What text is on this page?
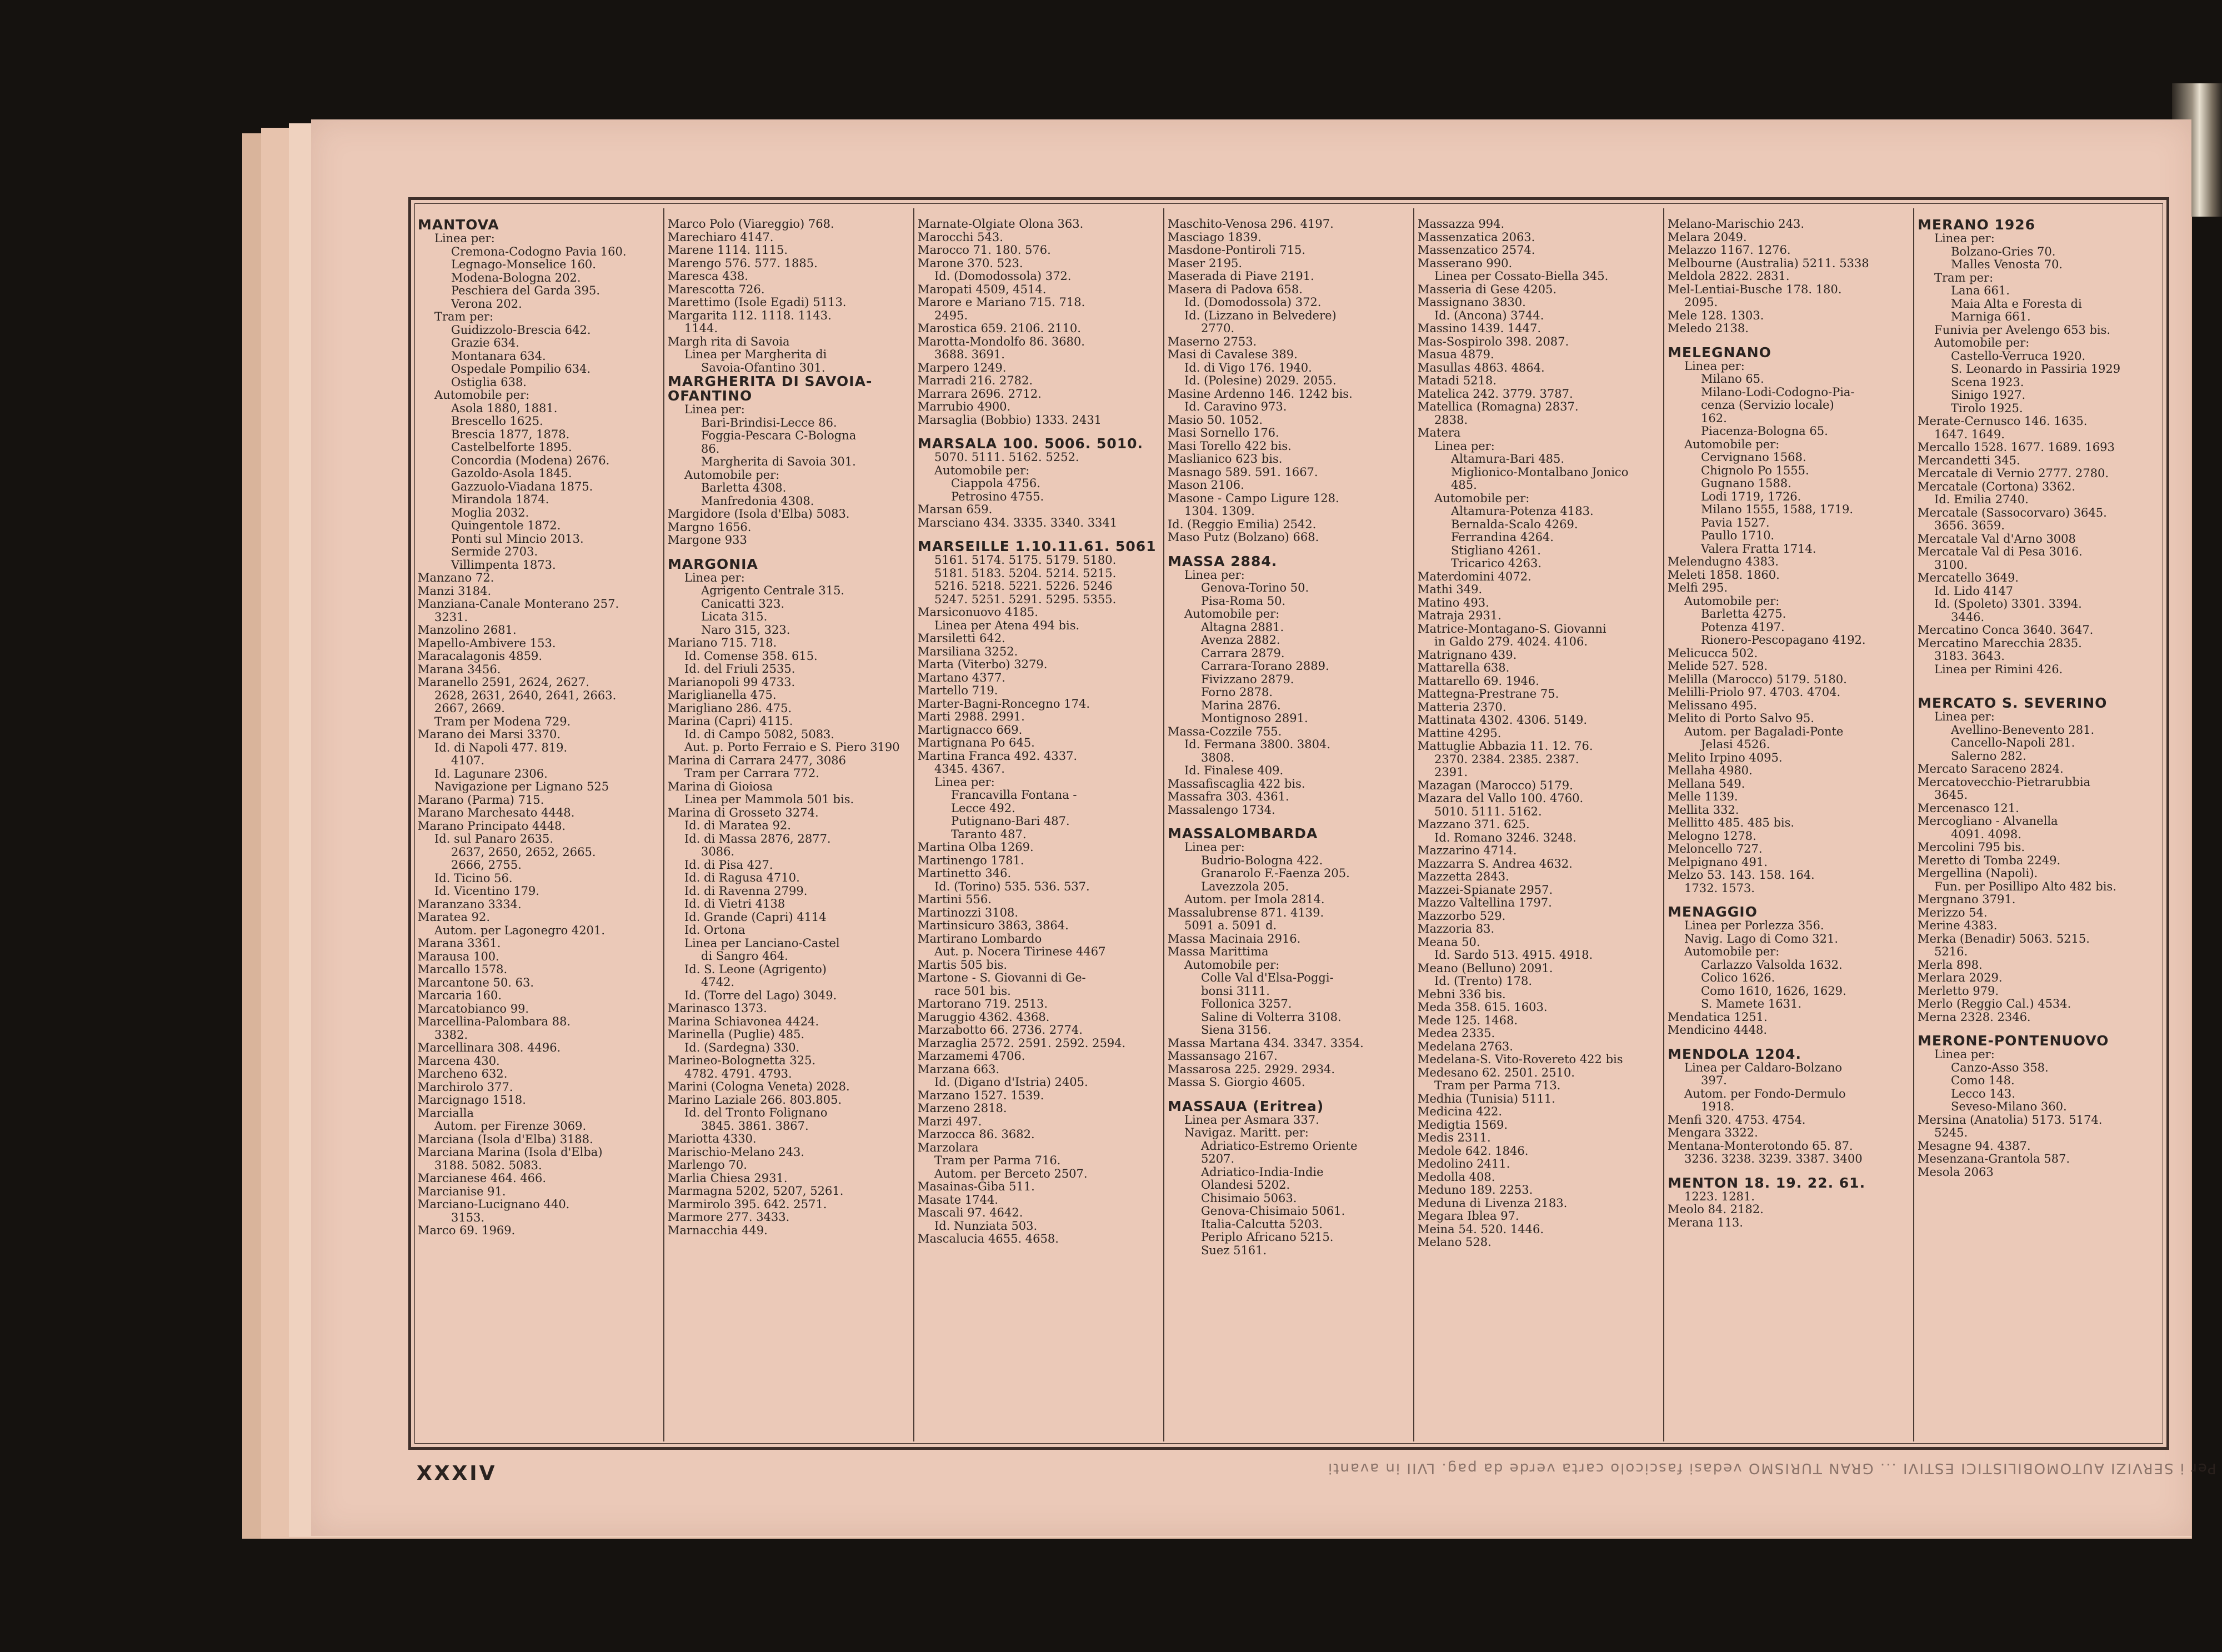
MANTOVA
Linea per:
Cremona-Codogno Pavia 160.
Legnago-Monselice 160.
Modena-Bologna 202.
Peschiera del Garda 395.
Verona 202.
Tram per:
Guidizzolo-Brescia 642.
Grazie 634.
Montanara 634.
Ospedale Pompilio 634.
Ostiglia 638.
Automobile per:
Asola 1880, 1881.
Brescello 1625.
Brescia 1877, 1878.
Castelbelforte 1895.
Concordia (Modena) 2676.
Gazoldo-Asola 1845.
Gazzuolo-Viadana 1875.
Mirandola 1874.
Moglia 2032.
Quingentole 1872.
Ponti sul Mincio 2013.
Sermide 2703.
Villimpenta 1873.
Manzano 72.
Manzi 3184.
Manziana-Canale Monterano 257.
3231.
Manzolino 2681.
Mapello-Ambivere 153.
Maracalagonis 4859.
Marana 3456.
Maranello 2591, 2624, 2627.
2628, 2631, 2640, 2641, 2663.
2667, 2669.
Tram per Modena 729.
Marano dei Marsi 3370.
Id. di Napoli 477. 819.
4107.
Id. Lagunare 2306.
Navigazione per Lignano 525
Marano (Parma) 715.
Marano Marchesato 4448.
Marano Principato 4448.
Id. sul Panaro 2635.
2637, 2650, 2652, 2665.
2666, 2755.
Id. Ticino 56.
Id. Vicentino 179.
Maranzano 3334.
Maratea 92.
Autom. per Lagonegro 4201.
Marana 3361.
Marausa 100.
Marcallo 1578.
Marcantone 50. 63.
Marcaria 160.
Marcatobianco 99.
Marcellina-Palombara 88.
3382.
Marcellinara 308. 4496.
Marcena 430.
Marcheno 632.
Marchirolo 377.
Marcignago 1518.
Marcialla
Autom. per Firenze 3069.
Marciana (Isola d'Elba) 3188.
Marciana Marina (Isola d'Elba)
3188. 5082. 5083.
Marcianese 464. 466.
Marcianise 91.
Marciano-Lucignano 440.
3153.
Marco 69. 1969.
Marco Polo (Viareggio) 768.
Marechiaro 4147.
Marene 1114. 1115.
Marengo 576. 577. 1885.
Maresca 438.
Marescotta 726.
Marettimo (Isole Egadi) 5113.
Margarita 112. 1118. 1143.
1144.
Margh rita di Savoia
Linea per Margherita di
Savoia-Ofantino 301.
MARGHERITA DI SAVOIA-
OFANTINO
Linea per:
Bari-Brindisi-Lecce 86.
Foggia-Pescara C-Bologna
86.
Margherita di Savoia 301.
Automobile per:
Barletta 4308.
Manfredonia 4308.
Margidore (Isola d'Elba) 5083.
Margno 1656.
Margone 933
MARGONIA
Linea per:
Agrigento Centrale 315.
Canicatti 323.
Licata 315.
Naro 315, 323.
Mariano 715. 718.
Id. Comense 358. 615.
Id. del Friuli 2535.
Marianopoli 99 4733.
Mariglianella 475.
Marigliano 286. 475.
Marina (Capri) 4115.
Id. di Campo 5082, 5083.
Aut. p. Porto Ferraio e S. Piero 3190
Marina di Carrara 2477, 3086
Tram per Carrara 772.
Marina di Gioiosa
Linea per Mammola 501 bis.
Marina di Grosseto 3274.
Id. di Maratea 92.
Id. di Massa 2876, 2877.
3086.
Id. di Pisa 427.
Id. di Ragusa 4710.
Id. di Ravenna 2799.
Id. di Vietri 4138
Id. Grande (Capri) 4114
Id. Ortona
Linea per Lanciano-Castel
di Sangro 464.
Id. S. Leone (Agrigento)
4742.
Id. (Torre del Lago) 3049.
Marinasco 1373.
Marina Schiavonea 4424.
Marinella (Puglie) 485.
Id. (Sardegna) 330.
Marineo-Bolognetta 325.
4782. 4791. 4793.
Marini (Cologna Veneta) 2028.
Marino Laziale 266. 803.805.
Id. del Tronto Folignano
3845. 3861. 3867.
Mariotta 4330.
Marischio-Melano 243.
Marlengo 70.
Marlia Chiesa 2931.
Marmagna 5202, 5207, 5261.
Marmirolo 395. 642. 2571.
Marmore 277. 3433.
Marnacchia 449.
Marnate-Olgiate Olona 363.
Marocchi 543.
Marocco 71. 180. 576.
Marone 370. 523.
Id. (Domodossola) 372.
Maropati 4509, 4514.
Marore e Mariano 715. 718.
2495.
Marostica 659. 2106. 2110.
Marotta-Mondolfo 86. 3680.
3688. 3691.
Marpero 1249.
Marradi 216. 2782.
Marrara 2696. 2712.
Marrubio 4900.
Marsaglia (Bobbio) 1333. 2431
MARSALA 100. 5006. 5010.
5070. 5111. 5162. 5252.
Automobile per:
Ciappola 4756.
Petrosino 4755.
Marsan 659.
Marsciano 434. 3335. 3340. 3341
MARSEILLE 1.10.11.61. 5061
5161. 5174. 5175. 5179. 5180.
5181. 5183. 5204. 5214. 5215.
5216. 5218. 5221. 5226. 5246
5247. 5251. 5291. 5295. 5355.
Marsiconuovo 4185.
Linea per Atena 494 bis.
Marsiletti 642.
Marsiliana 3252.
Marta (Viterbo) 3279.
Martano 4377.
Martello 719.
Marter-Bagni-Roncegno 174.
Marti 2988. 2991.
Martignacco 669.
Martignana Po 645.
Martina Franca 492. 4337.
4345. 4367.
Linea per:
Francavilla Fontana -
Lecce 492.
Putignano-Bari 487.
Taranto 487.
Martina Olba 1269.
Martinengo 1781.
Martinetto 346.
Id. (Torino) 535. 536. 537.
Martini 556.
Martinozzi 3108.
Martinsicuro 3863, 3864.
Martirano Lombardo
Aut. p. Nocera Tirinese 4467
Martis 505 bis.
Martone - S. Giovanni di Ge-
race 501 bis.
Martorano 719. 2513.
Maruggio 4362. 4368.
Marzabotto 66. 2736. 2774.
Marzaglia 2572. 2591. 2592. 2594.
Marzamemi 4706.
Marzana 663.
Id. (Digano d'Istria) 2405.
Marzano 1527. 1539.
Marzeno 2818.
Marzi 497.
Marzocca 86. 3682.
Marzolara
Tram per Parma 716.
Autom. per Berceto 2507.
Masainas-Giba 511.
Masate 1744.
Mascali 97. 4642.
Id. Nunziata 503.
Mascalucia 4655. 4658.
Maschito-Venosa 296. 4197.
Masciago 1839.
Masdone-Pontiroli 715.
Maser 2195.
Maserada di Piave 2191.
Masera di Padova 658.
Id. (Domodossola) 372.
Id. (Lizzano in Belvedere)
2770.
Maserno 2753.
Masi di Cavalese 389.
Id. di Vigo 176. 1940.
Id. (Polesine) 2029. 2055.
Masine Ardenno 146. 1242 bis.
Id. Caravino 973.
Masio 50. 1052.
Masi Sornello 176.
Masi Torello 422 bis.
Maslianico 623 bis.
Masnago 589. 591. 1667.
Mason 2106.
Masone - Campo Ligure 128.
1304. 1309.
Id. (Reggio Emilia) 2542.
Maso Putz (Bolzano) 668.
MASSA 2884.
Linea per:
Genova-Torino 50.
Pisa-Roma 50.
Automobile per:
Altagna 2881.
Avenza 2882.
Carrara 2879.
Carrara-Torano 2889.
Fivizzano 2879.
Forno 2878.
Marina 2876.
Montignoso 2891.
Massa-Cozzile 755.
Id. Fermana 3800. 3804.
3808.
Id. Finalese 409.
Massafiscaglia 422 bis.
Massafra 303. 4361.
Massalengo 1734.
MASSALOMBARDA
Linea per:
Budrio-Bologna 422.
Granarolo F.-Faenza 205.
Lavezzola 205.
Autom. per Imola 2814.
Massalubrense 871. 4139.
5091 a. 5091 d.
Massa Macinaia 2916.
Massa Marittima
Automobile per:
Colle Val d'Elsa-Poggi-
bonsi 3111.
Follonica 3257.
Saline di Volterra 3108.
Siena 3156.
Massa Martana 434. 3347. 3354.
Massansago 2167.
Massarosa 225. 2929. 2934.
Massa S. Giorgio 4605.
MASSAUA (Eritrea)
Linea per Asmara 337.
Navigaz. Maritt. per:
Adriatico-Estremo Oriente
5207.
Adriatico-India-Indie
Olandesi 5202.
Chisimaio 5063.
Genova-Chisimaio 5061.
Italia-Calcutta 5203.
Periplo Africano 5215.
Suez 5161.
Massazza 994.
Massenzatica 2063.
Massenzatico 2574.
Masserano 990.
Linea per Cossato-Biella 345.
Masseria di Gese 4205.
Massignano 3830.
Id. (Ancona) 3744.
Massino 1439. 1447.
Mas-Sospirolo 398. 2087.
Masua 4879.
Masullas 4863. 4864.
Matadi 5218.
Matelica 242. 3779. 3787.
Matellica (Romagna) 2837.
2838.
Matera
Linea per:
Altamura-Bari 485.
Miglionico-Montalbano Jonico
485.
Automobile per:
Altamura-Potenza 4183.
Bernalda-Scalo 4269.
Ferrandina 4264.
Stigliano 4261.
Tricarico 4263.
Materdomini 4072.
Mathi 349.
Matino 493.
Matraja 2931.
Matrice-Montagano-S. Giovanni
in Galdo 279. 4024. 4106.
Matrignano 439.
Mattarella 638.
Mattarello 69. 1946.
Mattegna-Prestrane 75.
Matteria 2370.
Mattinata 4302. 4306. 5149.
Mattine 4295.
Mattuglie Abbazia 11. 12. 76.
2370. 2384. 2385. 2387.
2391.
Mazagan (Marocco) 5179.
Mazara del Vallo 100. 4760.
5010. 5111. 5162.
Mazzano 371. 625.
Id. Romano 3246. 3248.
Mazzarino 4714.
Mazzarra S. Andrea 4632.
Mazzetta 2843.
Mazzei-Spianate 2957.
Mazzo Valtellina 1797.
Mazzorbo 529.
Mazzoria 83.
Meana 50.
Id. Sardo 513. 4915. 4918.
Meano (Belluno) 2091.
Id. (Trento) 178.
Mebni 336 bis.
Meda 358. 615. 1603.
Mede 125. 1468.
Medea 2335.
Medelana 2763.
Medelana-S. Vito-Rovereto 422 bis
Medesano 62. 2501. 2510.
Tram per Parma 713.
Medhia (Tunisia) 5111.
Medicina 422.
Medigtia 1569.
Medis 2311.
Medole 642. 1846.
Medolino 2411.
Medolla 408.
Meduno 189. 2253.
Meduna di Livenza 2183.
Megara Iblea 97.
Meina 54. 520. 1446.
Melano 528.
Melano-Marischio 243.
Melara 2049.
Melazzo 1167. 1276.
Melbourne (Australia) 5211. 5338
Meldola 2822. 2831.
Mel-Lentiai-Busche 178. 180.
2095.
Mele 128. 1303.
Meledo 2138.
MELEGNANO
Linea per:
Milano 65.
Milano-Lodi-Codogno-Pia-
cenza (Servizio locale)
162.
Piacenza-Bologna 65.
Automobile per:
Cervignano 1568.
Chignolo Po 1555.
Gugnano 1588.
Lodi 1719, 1726.
Milano 1555, 1588, 1719.
Pavia 1527.
Paullo 1710.
Valera Fratta 1714.
Melendugno 4383.
Meleti 1858. 1860.
Melfi 295.
Automobile per:
Barletta 4275.
Potenza 4197.
Rionero-Pescopagano 4192.
Melicucca 502.
Melide 527. 528.
Melilla (Marocco) 5179. 5180.
Melilli-Priolo 97. 4703. 4704.
Melissano 495.
Melito di Porto Salvo 95.
Autom. per Bagaladi-Ponte
Jelasi 4526.
Melito Irpino 4095.
Mellaha 4980.
Mellana 549.
Melle 1139.
Mellita 332.
Mellitto 485. 485 bis.
Melogno 1278.
Meloncello 727.
Melpignano 491.
Melzo 53. 143. 158. 164.
1732. 1573.
MENAGGIO
Linea per Porlezza 356.
Navig. Lago di Como 321.
Automobile per:
Carlazzo Valsolda 1632.
Colico 1626.
Como 1610, 1626, 1629.
S. Mamete 1631.
Mendatica 1251.
Mendicino 4448.
MENDOLA 1204.
Linea per Caldaro-Bolzano
397.
Autom. per Fondo-Dermulo
1918.
Menfi 320. 4753. 4754.
Mengara 3322.
Mentana-Monterotondo 65. 87.
3236. 3238. 3239. 3387. 3400
MENTON 18. 19. 22. 61.
1223. 1281.
Meolo 84. 2182.
Merana 113.
MERANO 1926
Linea per:
Bolzano-Gries 70.
Malles Venosta 70.
Tram per:
Lana 661.
Maia Alta e Foresta di
Marniga 661.
Funivia per Avelengo 653 bis.
Automobile per:
Castello-Verruca 1920.
S. Leonardo in Passiria 1929
Scena 1923.
Sinigo 1927.
Tirolo 1925.
Merate-Cernusco 146. 1635.
1647. 1649.
Mercallo 1528. 1677. 1689. 1693
Mercandetti 345.
Mercatale di Vernio 2777. 2780.
Mercatale (Cortona) 3362.
Id. Emilia 2740.
Mercatale (Sassocorvaro) 3645.
3656. 3659.
Mercatale Val d'Arno 3008
Mercatale Val di Pesa 3016.
3100.
Mercatello 3649.
Id. Lido 4147
Id. (Spoleto) 3301. 3394.
3446.
Mercatino Conca 3640. 3647.
Mercatino Marecchia 2835.
3183. 3643.
Linea per Rimini 426.
MERCATO S. SEVERINO
Linea per:
Avellino-Benevento 281.
Cancello-Napoli 281.
Salerno 282.
Mercato Saraceno 2824.
Mercatovecchio-Pietrarubbia
3645.
Mercenasco 121.
Mercogliano - Alvanella
4091. 4098.
Mercolini 795 bis.
Meretto di Tomba 2249.
Mergellina (Napoli).
Fun. per Posillipo Alto 482 bis.
Mergnano 3791.
Merizzo 54.
Merine 4383.
Merka (Benadir) 5063. 5215.
5216.
Merla 898.
Merlara 2029.
Merletto 979.
Merlo (Reggio Cal.) 4534.
Merna 2328. 2346.
MERONE-PONTENUOVO
Linea per:
Canzo-Asso 358.
Como 148.
Lecco 143.
Seveso-Milano 360.
Mersina (Anatolia) 5173. 5174.
5245.
Mesagne 94. 4387.
Mesenzana-Grantola 587.
Mesola 2063
XXXIV	Per i SERVIZI AUTOMOBILISTICI ESTIVI ... GRAN TURISMO vedasi fascicolo carta verde da pag. LVII in avanti
